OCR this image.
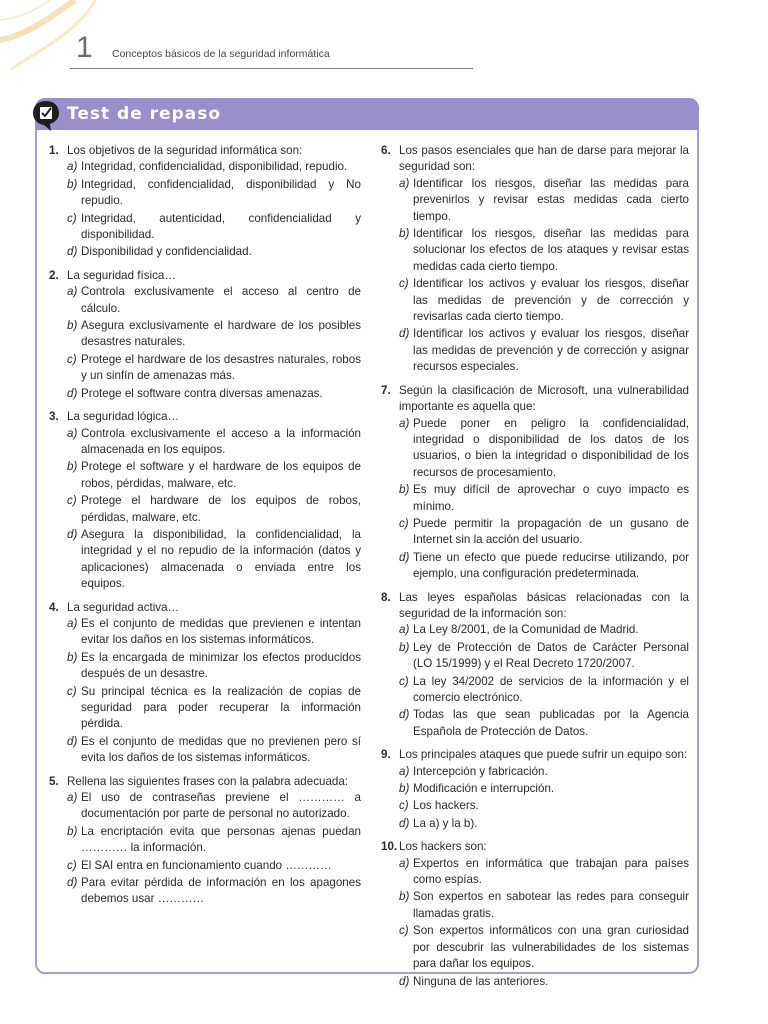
1 Conceptos básicos de la seguridad informática
Test de repaso
1. Los objetivos de la seguridad informática son:
a) Integridad, confidencialidad, disponibilidad, repudio.
b) Integridad, confidencialidad, disponibilidad y No repudio.
c) Integridad, autenticidad, confidencialidad y disponibilidad.
d) Disponibilidad y confidencialidad.
2. La seguridad física…
a) Controla exclusivamente el acceso al centro de cálculo.
b) Asegura exclusivamente el hardware de los posibles desastres naturales.
c) Protege el hardware de los desastres naturales, robos y un sinfín de amenazas más.
d) Protege el software contra diversas amenazas.
3. La seguridad lógica…
a) Controla exclusivamente el acceso a la información almacenada en los equipos.
b) Protege el software y el hardware de los equipos de robos, pérdidas, malware, etc.
c) Protege el hardware de los equipos de robos, pérdidas, malware, etc.
d) Asegura la disponibilidad, la confidencialidad, la integridad y el no repudio de la información (datos y aplicaciones) almacenada o enviada entre los equipos.
4. La seguridad activa…
a) Es el conjunto de medidas que previenen e intentan evitar los daños en los sistemas informáticos.
b) Es la encargada de minimizar los efectos producidos después de un desastre.
c) Su principal técnica es la realización de copias de seguridad para poder recuperar la información pérdida.
d) Es el conjunto de medidas que no previenen pero sí evita los daños de los sistemas informáticos.
5. Rellena las siguientes frases con la palabra adecuada:
a) El uso de contraseñas previene el ………… a documentación por parte de personal no autorizado.
b) La encriptación evita que personas ajenas puedan ………… la información.
c) El SAI entra en funcionamiento cuando …………
d) Para evitar pérdida de información en los apagones debemos usar …………
6. Los pasos esenciales que han de darse para mejorar la seguridad son:
a) Identificar los riesgos, diseñar las medidas para prevenirlos y revisar estas medidas cada cierto tiempo.
b) Identificar los riesgos, diseñar las medidas para solucionar los efectos de los ataques y revisar estas medidas cada cierto tiempo.
c) Identificar los activos y evaluar los riesgos, diseñar las medidas de prevención y de corrección y revisarlas cada cierto tiempo.
d) Identificar los activos y evaluar los riesgos, diseñar las medidas de prevención y de corrección y asignar recursos especiales.
7. Según la clasificación de Microsoft, una vulnerabilidad importante es aquella que:
a) Puede poner en peligro la confidencialidad, integridad o disponibilidad de los datos de los usuarios, o bien la integridad o disponibilidad de los recursos de procesamiento.
b) Es muy difícil de aprovechar o cuyo impacto es mínimo.
c) Puede permitir la propagación de un gusano de Internet sin la acción del usuario.
d) Tiene un efecto que puede reducirse utilizando, por ejemplo, una configuración predeterminada.
8. Las leyes españolas básicas relacionadas con la seguridad de la información son:
a) La Ley 8/2001, de la Comunidad de Madrid.
b) Ley de Protección de Datos de Carácter Personal (LO 15/1999) y el Real Decreto 1720/2007.
c) La ley 34/2002 de servicios de la información y el comercio electrónico.
d) Todas las que sean publicadas por la Agencia Española de Protección de Datos.
9. Los principales ataques que puede sufrir un equipo son:
a) Intercepción y fabricación.
b) Modificación e interrupción.
c) Los hackers.
d) La a) y la b).
10. Los hackers son:
a) Expertos en informática que trabajan para países como espías.
b) Son expertos en sabotear las redes para conseguir llamadas gratis.
c) Son expertos informáticos con una gran curiosidad por descubrir las vulnerabilidades de los sistemas para dañar los equipos.
d) Ninguna de las anteriores.
